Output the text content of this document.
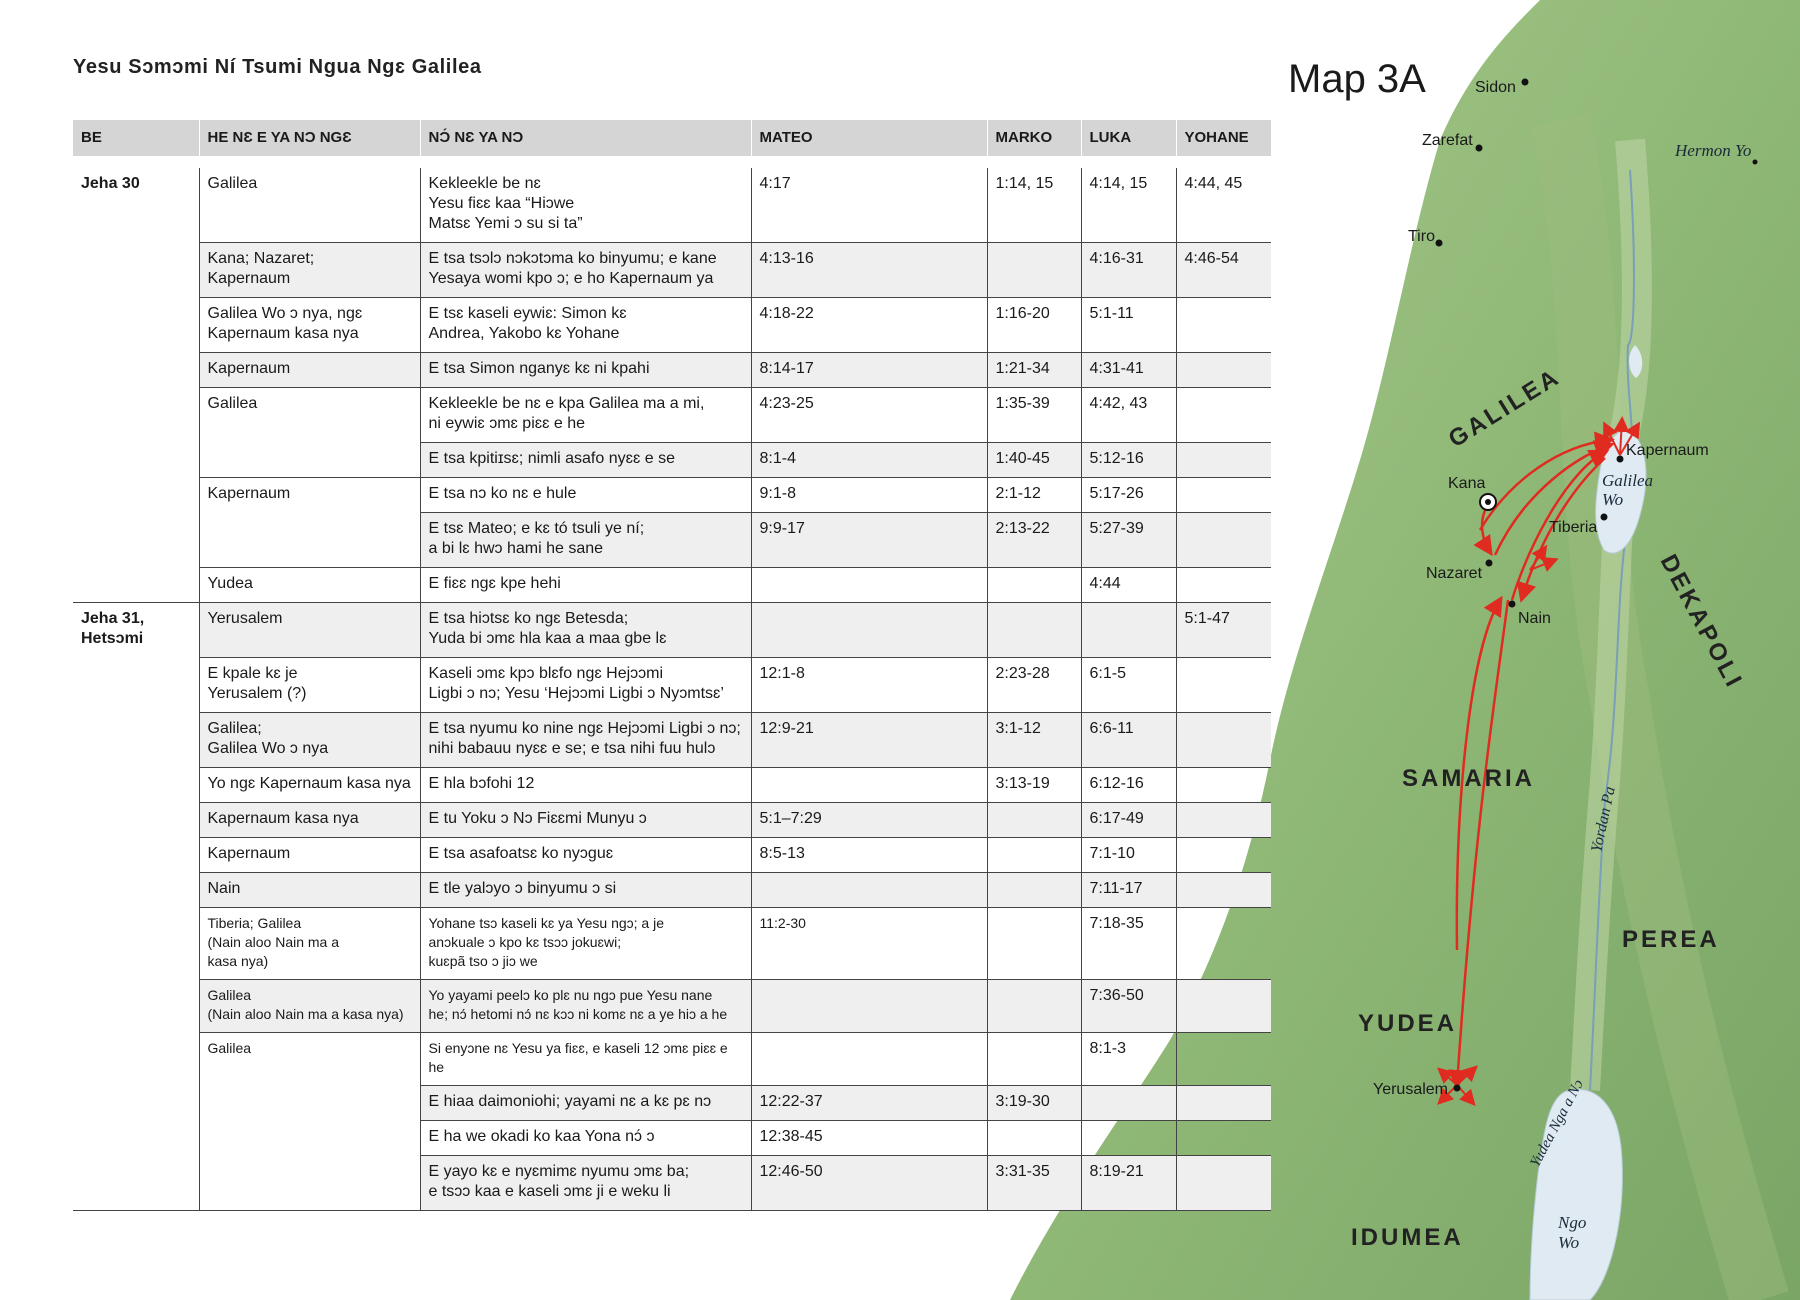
Map 3A	Sidon
Zarefat
Tiro
Kapernaum
Kana
Tiberia
Nazaret
Nain
Yerusalem
GALILEA
DEKAPOLI
SAMARIA
PEREA
YUDEA
IDUMEA
Hermon Yo
Galilea Wo
Yordan Pa
Yudea Nga a Nɔ
Ngo Wo
Yesu Sɔmɔmi Ní Tsumi Ngua Ngɛ Galilea
BE	HE NƐ E YA NƆ NGƐ	NƆ́ NƐ YA NƆ	MATEO	MARKO	LUKA	YOHANE

Jeha 30	Galilea	Kekleekle be nɛ
Yesu fiɛɛ kaa “Hiɔwe
Matsɛ Yemi ɔ su si ta”	4:17	1:14, 15	4:14, 15	4:44, 45
	Kana; Nazaret;
Kapernaum	E tsa tsɔlɔ nɔkɔtɔma ko binyumu; e kane
Yesaya womi kpo ɔ; e ho Kapernaum ya	4:13-16		4:16-31	4:46-54
	Galilea Wo ɔ nya, ngɛ
Kapernaum kasa nya	E tsɛ kaseli eywiɛ: Simon kɛ
Andrea, Yakobo kɛ Yohane	4:18-22	1:16-20	5:1-11	
	Kapernaum	E tsa Simon nganyɛ kɛ ni kpahi	8:14-17	1:21-34	4:31-41	
	Galilea	Kekleekle be nɛ e kpa Galilea ma a mi,
ni eywiɛ ɔmɛ piɛɛ e he	4:23-25	1:35-39	4:42, 43	
		E tsa kpitiɪsɛ; nimli asafo nyɛɛ e se	8:1-4	1:40-45	5:12-16	
	Kapernaum	E tsa nɔ ko nɛ e hule	9:1-8	2:1-12	5:17-26	
		E tsɛ Mateo; e kɛ tó tsuli ye ní;
a bi lɛ hwɔ hami he sane	9:9-17	2:13-22	5:27-39	
	Yudea	E fiɛɛ ngɛ kpe hehi			4:44	
Jeha 31,
Hetsɔmi	Yerusalem	E tsa hiɔtsɛ ko ngɛ Betesda;
Yuda bi ɔmɛ hla kaa a maa gbe lɛ				5:1-47
	E kpale kɛ je
Yerusalem (?)	Kaseli ɔmɛ kpɔ blɛfo ngɛ Hejɔɔmi
Ligbi ɔ nɔ; Yesu ‘Hejɔɔmi Ligbi ɔ Nyɔmtsɛ’	12:1-8	2:23-28	6:1-5	
	Galilea;
Galilea Wo ɔ nya	E tsa nyumu ko nine ngɛ Hejɔɔmi Ligbi ɔ nɔ;
nihi babauu nyɛɛ e se; e tsa nihi fuu hulɔ	12:9-21	3:1-12	6:6-11	
	Yo ngɛ Kapernaum kasa nya	E hla bɔfohi 12		3:13-19	6:12-16	
	Kapernaum kasa nya	E tu Yoku ɔ Nɔ Fiɛɛmi Munyu ɔ	5:1–7:29		6:17-49	
	Kapernaum	E tsa asafoatsɛ ko nyɔguɛ	8:5-13		7:1-10	
	Nain	E tle yalɔyo ɔ binyumu ɔ si			7:11-17	
	Tiberia; Galilea
(Nain aloo Nain ma a
kasa nya)	Yohane tsɔ kaseli kɛ ya Yesu ngɔ; a je
anɔkuale ɔ kpo kɛ tsɔɔ jokuɛwi;
kuɛpã tso ɔ jiɔ we	11:2-30		7:18-35	
	Galilea
(Nain aloo Nain ma a kasa nya)	Yo yayami peelɔ ko plɛ nu ngɔ pue Yesu nane
he; nɔ́ hetomi nɔ́ nɛ kɔɔ ni komɛ nɛ a ye hiɔ a he			7:36-50	
	Galilea	Si enyɔne nɛ Yesu ya fiɛɛ, e kaseli 12 ɔmɛ piɛɛ e he			8:1-3	
		E hiaa daimoniohi; yayami nɛ a kɛ pɛ nɔ	12:22-37	3:19-30		
		E ha we okadi ko kaa Yona nɔ́ ɔ	12:38-45			
		E yayo kɛ e nyɛmimɛ nyumu ɔmɛ ba;
e tsɔɔ kaa e kaseli ɔmɛ ji e weku li	12:46-50	3:31-35	8:19-21	
